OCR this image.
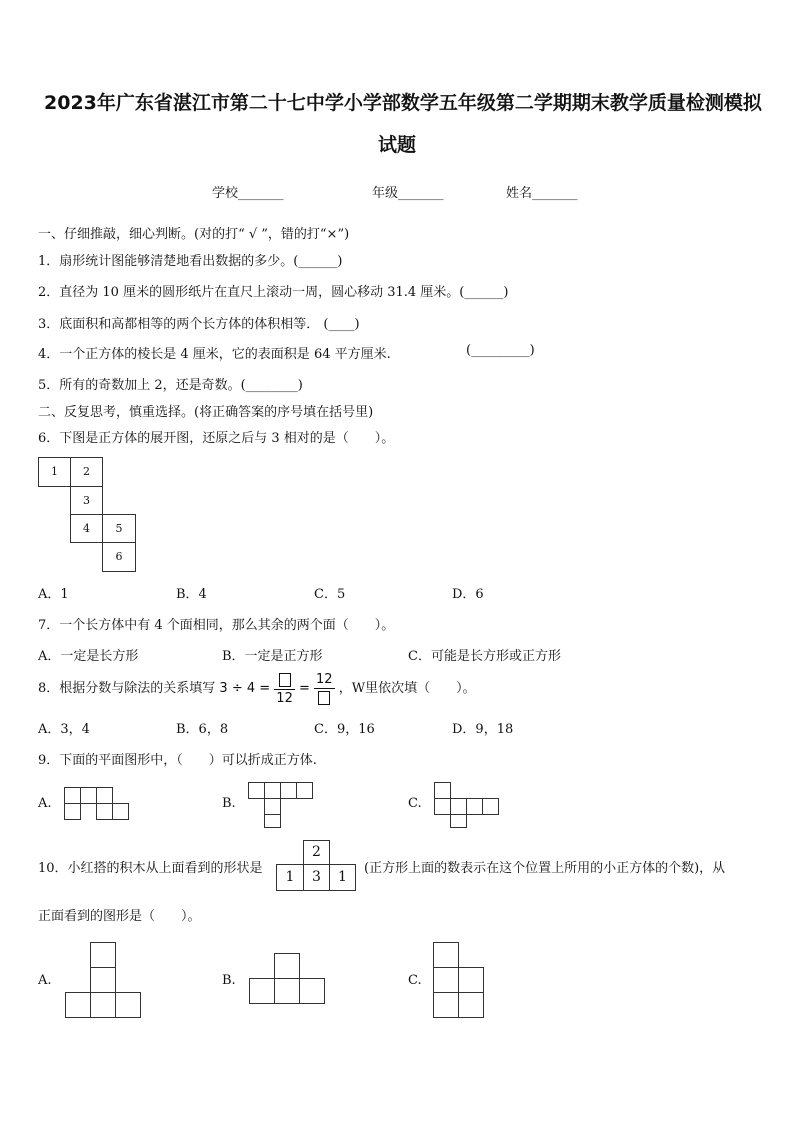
2023年广东省湛江市第二十七中学小学部数学五年级第二学期期末教学质量检测模拟
试题
学校_______	年级_______	姓名_______
一、仔细推敲，细心判断。(对的打“ √ ”，错的打“×”)
1．扇形统计图能够清楚地看出数据的多少。(______)
2．直径为 10 厘米的圆形纸片在直尺上滚动一周，圆心移动 31.4 厘米。(______)
3．底面积和高都相等的两个长方体的体积相等． (____)
4．一个正方体的棱长是 4 厘米，它的表面积是 64 平方厘米.	(_________)
5．所有的奇数加上 2，还是奇数。(________)
二、反复思考，慎重选择。(将正确答案的序号填在括号里)
6．下图是正方体的展开图，还原之后与 3 相对的是（　　）。
1	2
3
4	5
6
A．1	B．4	C．5	D．6
7．一个长方体中有 4 个面相同，那么其余的两个面（　　）。
A．一定是长方形	B．一定是正方形	C．可能是长方形或正方形
8．根据分数与除法的关系填写 3 ÷ 4 =
12
=
12
，W里依次填（　　）。
A．3，4	B．6，8	C．9，16	D．9，18
9．下面的平面图形中，（　　）可以折成正方体.
A.	B.	C.
10．小红搭的积木从上面看到的形状是
2
1	3	1
(正方形上面的数表示在这个位置上所用的小正方体的个数)，从
正面看到的图形是（　　）。
A.	B.	C.
